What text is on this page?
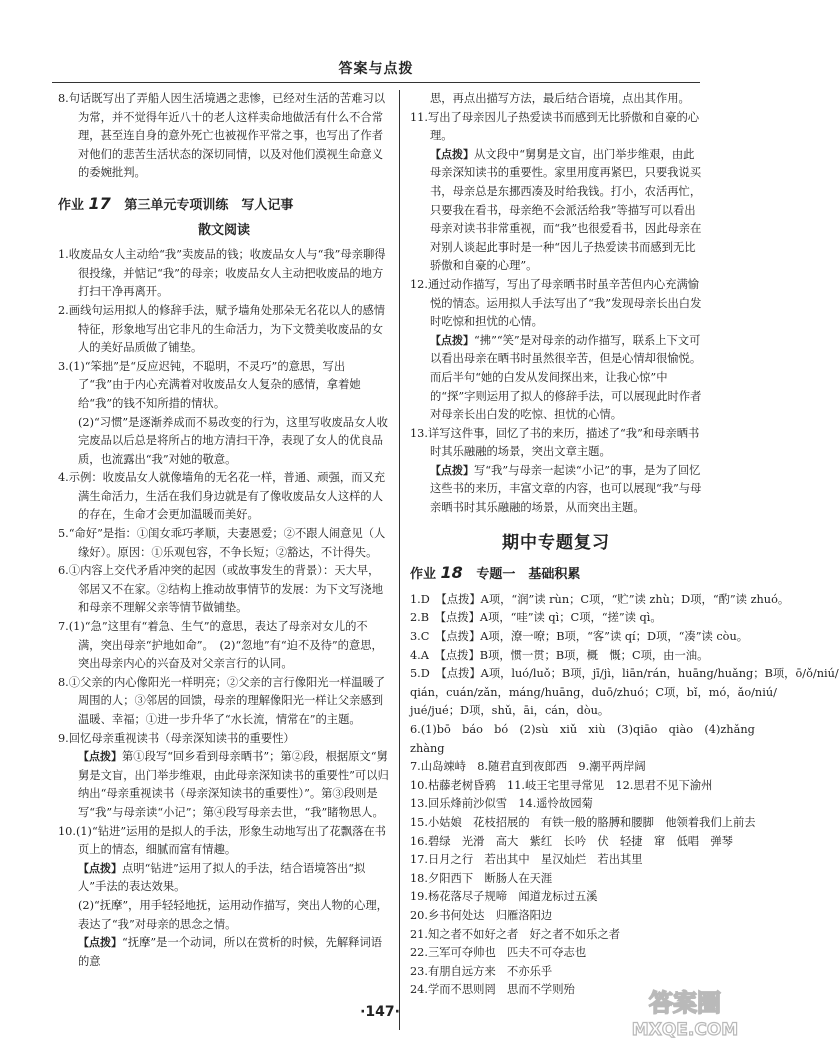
答案与点拨

8.句话既写出了弄船人因生活境遇之悲惨，已经对生活的苦难习以为常，并不觉得年近八十的老人这样卖命地做活有什么不合常理，甚至连自身的意外死亡也被视作平常之事，也写出了作者对他们的悲苦生活状态的深切同情，以及对他们漠视生命意义的委婉批判。

作业 17 第三单元专项训练　写人记事
散文阅读

1.收废品女人主动给“我”卖废品的钱；收废品女人与“我”母亲聊得很投缘，并惦记“我”的母亲；收废品女人主动把收废品的地方打扫干净再离开。

2.画线句运用拟人的修辞手法，赋予墙角处那朵无名花以人的感情特征，形象地写出它非凡的生命活力，为下文赞美收废品的女人的美好品质做了铺垫。

3.(1)“笨拙”是“反应迟钝，不聪明，不灵巧”的意思，写出了“我”由于内心充满着对收废品女人复杂的感情，拿着她给“我”的钱不知所措的情状。

(2)“习惯”是逐渐养成而不易改变的行为，这里写收废品女人收完废品以后总是将所占的地方清扫干净，表现了女人的优良品质，也流露出“我”对她的敬意。

4.示例：收废品女人就像墙角的无名花一样，普通、顽强，而又充满生命活力，生活在我们身边就是有了像收废品女人这样的人的存在，生命才会更加温暖而美好。

5.“命好”是指：①闺女乖巧孝顺，夫妻恩爱；②不跟人闹意见（人缘好）。原因：①乐观包容，不争长短；②豁达，不计得失。

6.①内容上交代矛盾冲突的起因（或故事发生的背景）：天大早，邻居又不在家。②结构上推动故事情节的发展：为下文写浇地和母亲不理解父亲等情节做铺垫。

7.(1)“急”这里有“着急、生气”的意思，表达了母亲对女儿的不满，突出母亲“护地如命”。　(2)“忽地”有“迫不及待”的意思，突出母亲内心的兴奋及对父亲言行的认同。

8.①父亲的内心像阳光一样明亮；②父亲的言行像阳光一样温暖了周围的人；③邻居的回馈，母亲的理解像阳光一样让父亲感到温暖、幸福；①进一步升华了“水长流，情常在”的主题。

9.回忆母亲重视读书（母亲深知读书的重要性）

【点拨】第①段写“回乡看到母亲晒书”；第②段，根据原文“舅舅是文盲，出门举步维艰，由此母亲深知读书的重要性”可以归纳出“母亲重视读书（母亲深知读书的重要性）”。第③段则是写“我”与母亲读“小记”；第④段写母亲去世，“我”睹物思人。

10.(1)“钻进”运用的是拟人的手法，形象生动地写出了花飘落在书页上的情态，细腻而富有情趣。

【点拨】点明“钻进”运用了拟人的手法，结合语境答出“拟人”手法的表达效果。

(2)“抚摩”，用手轻轻地抚，运用动作描写，突出人物的心理，表达了“我”对母亲的思念之情。

【点拨】“抚摩”是一个动词，所以在赏析的时候，先解释词语的意

思，再点出描写方法，最后结合语境，点出其作用。

11.写出了母亲因儿子热爱读书而感到无比骄傲和自豪的心理。

【点拨】从文段中“舅舅是文盲，出门举步维艰，由此母亲深知读书的重要性。家里用度再紧巴，只要我说买书，母亲总是东挪西凑及时给我钱。打小，农活再忙，只要我在看书，母亲绝不会派活给我”等描写可以看出母亲对读书非常重视，而“我”也很爱看书，因此母亲在对别人谈起此事时是一种“因儿子热爱读书而感到无比骄傲和自豪的心理”。

12.通过动作描写，写出了母亲晒书时虽辛苦但内心充满愉悦的情态。运用拟人手法写出了“我”发现母亲长出白发时吃惊和担忧的心情。

【点拨】“拂”“笑”是对母亲的动作描写，联系上下文可以看出母亲在晒书时虽然很辛苦，但是心情却很愉悦。而后半句“她的白发从发间探出来，让我心惊”中的“探”字则运用了拟人的修辞手法，可以展现此时作者对母亲长出白发的吃惊、担忧的心情。

13.详写这件事，回忆了书的来历，描述了“我”和母亲晒书时其乐融融的场景，突出文章主题。

【点拨】写“我”与母亲一起读“小记”的事，是为了回忆这些书的来历，丰富文章的内容，也可以展现“我”与母亲晒书时其乐融融的场景，从而突出主题。

期中专题复习
作业 18 专题一　基础积累

1.D　【点拨】A项，“润”读 rùn；C项，“贮”读 zhù；D项，“酌”读 zhuó。

2.B　【点拨】A项，“哇”读 qì；C项，“搓”读 qì。

3.C　【点拨】A项，潦一嘹；B项，“客”读 qí；D项，“凑”读 còu。

4.A　【点拨】B项，惯一贯；B项，概　慨；C项，由一油。

5.D　【点拨】A项，luó/luǒ；B项，jī/jì，liān/rán，huāng/huǎng；B项，ō/ǒ/niú/

qián，cuán/zǎn，máng/huāng，duō/zhuó；C项，bǐ，mó，ǎo/niú/

jué/jué；D项，shǔ，āi，cán，dòu。

6.(1)bō　báo　bó　(2)sù　xiǔ　xiù　(3)qiāo　qiào　(4)zhǎng

zhàng

7.山岛竦峙　8.随君直到夜郎西　9.潮平两岸阔

10.枯藤老树昏鸦　11.岐王宅里寻常见　12.思君不见下渝州

13.回乐烽前沙似雪　14.遥怜故园菊

15.小姑娘　花枝招展的　有铁一般的胳膊和腰脚　他领着我们上前去

16.碧绿　光滑　高大　紫红　长吟　伏　轻捷　窜　低唱　弹琴

17.日月之行　若出其中　星汉灿烂　若出其里

18.夕阳西下　断肠人在天涯

19.杨花落尽子规啼　闻道龙标过五溪

20.乡书何处达　归雁洛阳边

21.知之者不如好之者　好之者不如乐之者

22.三军可夺帅也　匹夫不可夺志也

23.有朋自远方来　不亦乐乎

24.学而不思则罔　思而不学则殆

·147·	答案圈
MXQE.COM
